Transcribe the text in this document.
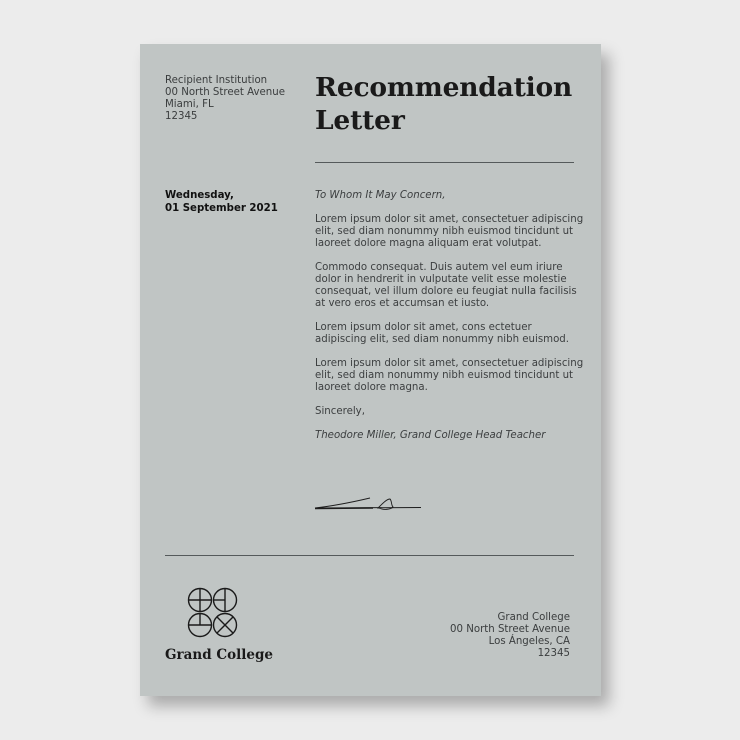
Recipient Institution
00 North Street Avenue
Miami, FL
12345
Recommendation
Letter
Wednesday,
01 September 2021

To Whom It May Concern,

Lorem ipsum dolor sit amet, consectetuer adipiscing elit, sed diam nonummy nibh euismod tincidunt ut laoreet dolore magna aliquam erat volutpat.

Commodo consequat. Duis autem vel eum iriure dolor in hendrerit in vulputate velit esse molestie consequat, vel illum dolore eu feugiat nulla facilisis at vero eros et accumsan et iusto.

Lorem ipsum dolor sit amet, cons ectetuer adipiscing elit, sed diam nonummy nibh euismod.

Lorem ipsum dolor sit amet, consectetuer adipiscing elit, sed diam nonummy nibh euismod tincidunt ut laoreet dolore magna.

Sincerely,

Theodore Miller, Grand College Head Teacher

Grand College
Grand College
00 North Street Avenue
Los Ángeles, CA
12345
